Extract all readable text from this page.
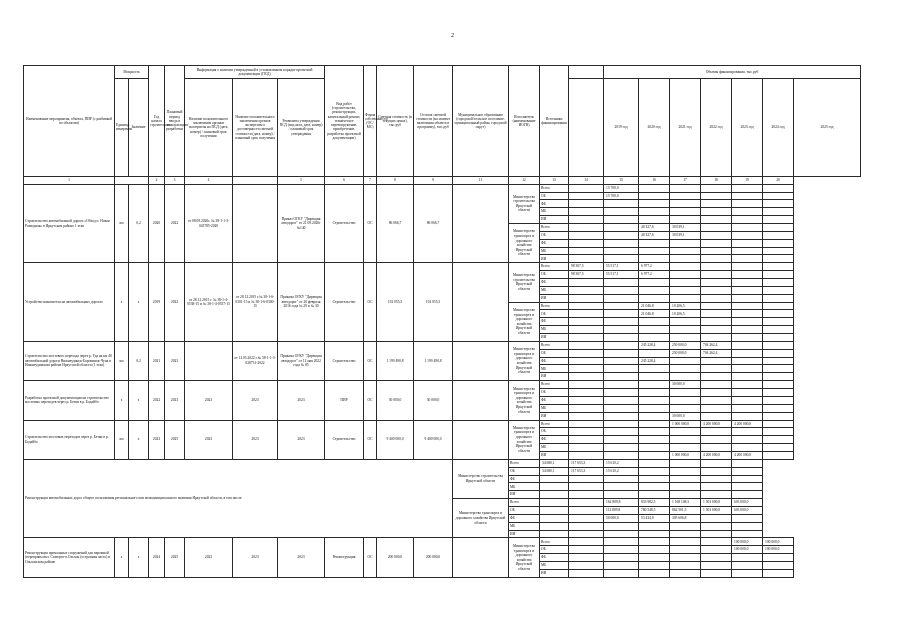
2
Наименование мероприятия, объекта, ПИР (с разбивкой по объектам)	Мощность		Год начала строительства	Плановый период ввода в эксплуатацию/разработки	Информация о наличии утвержденной в установленном порядке проектной документации (ПСД)			Вид работ (строительство, реконструкция, капитальный ремонт, техническое перевооружение, приобретение, разработка проектной документации)	Форма собственности (ОС/МС)	Сметная стоимость (в текущих ценах), тыс.руб	Остаток сметной стоимости (на момент включения объекта в программу), тыс.руб	Муниципальное образование (городской/сельское поселение, муниципальный район, городской округ)	Исполнитель (наименование ИОГВ)	Источники финансирования		Объемы финансирования, тыс.руб						
	Единица измерения	Значение			Наличие положительного заключения органов экспертизы на ПСД (дата, номер) / плановый срок получения	Наличие положительного заключения органов экспертизы о достоверности сметной стоимости (дата, номер) / плановый срок получения	Реквизиты утверждения ПСД (вид акта, дата, номер) / плановый срок утверждения									2019 год	2020 год	2021 год	2022 год	2023 год	2024 год	2025 год

1			2	3	4		5	6	7	8	9	11	12	13	14	15	16	17	18	19	20	
Строительство автомобильной дороги «Обход п. Новая Разводная» в Иркутском районе 1 этап	км	0,2	2020	2022	от 08.09.2020г. № 38-1-1-3-043785-2020		Приказ ОГКУ "Дирекция автодорог" от 21.09.2020г №140	Строительство	ОС	86 066,7	86 066,7		Министерство строительства Иркутской области	Всего		15 700,0						
														ОБ		15 700,0						
														ФБ								
														МБ								
														ИИ								
													Министерство транспорта и дорожного хозяйства Иркутской области	Всего			40 327,6	30 039,1				
														ОБ			40 327,6	30 039,1				
														ФБ								
														МБ								
														ИИ								
Устройство накопителя на автомобильных дорогах	х	х	2019	2022	от 28.12.2015 г. № 38-1-4-0538-15 и № 38-1-4-0537-15	от 28.12.2015 г.№ 38-1-6-0301-15 и № 38-1-6-0300-15	Приказы ОГКУ "Дирекция автодорог" от 20 февраля 2016 года № 29 и № 30	Строительство	ОС	192 055,5	192 055,5		Министерство строительства Иркутской области	Всего	98 307,5	55 517,1	6 977,2					
														ОБ	98 307,5	55 517,1	6 977,2					
														ФБ								
														МБ								
														ИИ								
													Министерство транспорта и дорожного хозяйства Иркутской области	Всего			21 046,8	10 206,5				
														ОБ			21 046,8	10 206,5				
														ФБ								
														МБ								
														ИИ								
Строительство мостового перехода через р. Уда на км 40 автомобильной дороги Нижнеудинск-Боровинок-Чуна в Нижнеудинском районе Иркутской области (1 этап)	км	0,2	2021	2023		от 12.05.2022 г.№ 38-1-1-3-028731-2022	Приказы ОГКУ "Дирекция автодорог" от 12 мая 2022 года № 85	Строительство	ОС	1 199 490,8	1 199 490,8		Министерство транспорта и дорожного хозяйства Иркутской области	Всего			245 228,4	250 000,0	704 262,4			
														ОБ				250 000,0	704 262,4			
														ФБ			245 228,4					
														МБ								
														ИИ								
Разработка проектной документации на строительство мостовых переходов через р. Бетяи в р. Бодайбо	х	х	2022	2023	2023	2023	2023	ПИР	ОС	30 000,0	30 000,0		Министерство транспорта и дорожного хозяйства Иркутской области	Всего				30 000,0				
														ОБ								
														ФБ								
														МБ								
														ИИ				30 000,0				
Строительство мостовых переходов через р. Бетяи в р. Бодайбо	км	х	2023	2025	2023	2023	2023	Строительство	ОС	9 400 000,0	9 400 000,0		Министерство транспорта и дорожного хозяйства Иркутской области	Всего				1 000 000,0	4 200 000,0	4 200 000,0		
														ОБ								
														ФБ								
														МБ								
														ИИ				1 000 000,0	4 200 000,0	4 200 000,0		
Реконструкция автомобильных дорог общего пользования регионального или межмуниципального значения Иркутской области, в том числе:												Министерство строительства Иркутской области	Всего	34 680,1	117 653,3	15 610,2						
													ОБ	34 680,1	117 653,3	15 610,2						
													ФБ									
													МБ									
													ИИ									
												Министерство транспорта и дорожного хозяйства Иркутской области	Всего			162 809,8	833 982,5	1 168 108,3	1 503 000,0	603 000,0		
													ОБ			112 809,8	780 548,5	862 501,5	1 503 000,0	603 000,0		
													ФБ			50 000,0	53 434,0	305 606,8				
													МБ									
													ИИ									
Реконструкция причальных сооружений для паромной (переправы вкл. Сахюрта-п.Ольхон (островная часть) в Ольхонском районе	х	х	2024	2025	2023	2023	2023	Реконструкция	ОС	200 000,0	200 000,0		Министерство транспорта и дорожного хозяйства Иркутской области	Всего						100 000,0	100 000,0	
														ОБ						100 000,0	100 000,0	
														ФБ								
														МБ								
														ИИ								
